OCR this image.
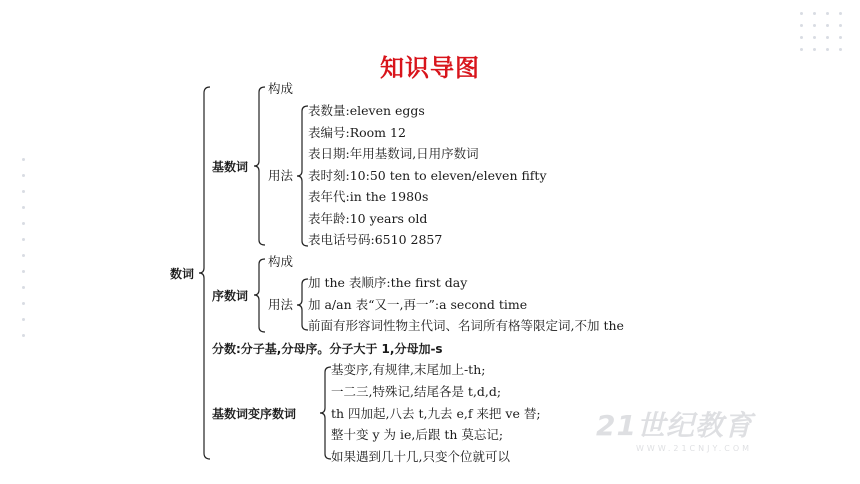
知识导图
数词
基数词
构成
用法
表数量:eleven eggs
表编号:Room 12
表日期:年用基数词,日用序数词
表时刻:10:50 ten to eleven/eleven fifty
表年代:in the 1980s
表年龄:10 years old
表电话号码:6510 2857
序数词
构成
用法
加 the 表顺序:the first day
加 a/an 表“又一,再一”:a second time
前面有形容词性物主代词、名词所有格等限定词,不加 the
分数:分子基,分母序。分子大于 1,分母加-s
基数词变序数词
基变序,有规律,末尾加上-th;
一二三,特殊记,结尾各是 t,d,d;
th 四加起,八去 t,九去 e,f 来把 ve 替;
整十变 y 为 ie,后跟 th 莫忘记;
如果遇到几十几,只变个位就可以
21世纪教育
WWW.21CNJY.COM
